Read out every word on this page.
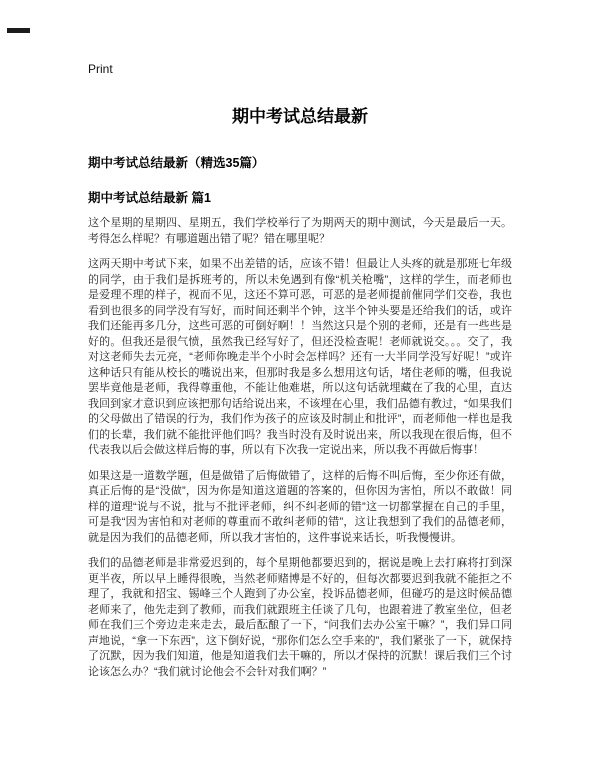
Print
期中考试总结最新
期中考试总结最新（精选35篇）
期中考试总结最新 篇1

这个星期的星期四、星期五，我们学校举行了为期两天的期中测试，今天是最后一天。考得怎么样呢？有哪道题出错了呢？错在哪里呢？

这两天期中考试下来，如果不出差错的话，应该不错！但最让人头疼的就是那班七年级的同学，由于我们是拆班考的，所以未免遇到有像“机关枪嘴”，这样的学生，而老师也是爱理不理的样子，视而不见，这还不算可恶，可恶的是老师提前催同学们交卷，我也看到也很多的同学没有写好，而时间还剩半个钟，这半个钟头要是还给我们的话，或许我们还能再多几分，这些可恶的可倒好啊！！当然这只是个别的老师，还是有一些些是好的。但我还是很气愤，虽然我已经写好了，但还没检查呢！老师就说交。。。交了，我对这老师失去元亮，“老师你晚走半个小时会怎样吗？还有一大半同学没写好呢！”或许这种话只有能从校长的嘴说出来，但那时我是多么想用这句话，堵住老师的嘴，但我说罢毕竟他是老师，我得尊重他，不能让他难堪，所以这句话就埋藏在了我的心里，直达我回到家才意识到应该把那句话给说出来，不该埋在心里，我们品德有教过，“如果我们的父母做出了错误的行为，我们作为孩子的应该及时制止和批评”，而老师他一样也是我们的长辈，我们就不能批评他们吗？我当时没有及时说出来，所以我现在很后悔，但不代表我以后会做这样后悔的事，所以有下次我一定说出来，所以我不再做后悔事！

如果这是一道数学题，但是做错了后悔做错了，这样的后悔不叫后悔，至少你还有做，真正后悔的是“没做”，因为你是知道这道题的答案的，但你因为害怕，所以不敢做！同样的道理“说与不说，批与不批评老师，纠不纠老师的错”这一切都掌握在自己的手里，可是我“因为害怕和对老师的尊重而不敢纠老师的错”，这让我想到了我们的品德老师，就是因为我们的品德老师，所以我才害怕的，这件事说来话长，听我慢慢讲。

我们的品德老师是非常爱迟到的，每个星期他都要迟到的，据说是晚上去打麻将打到深更半夜，所以早上睡得很晚，当然老师赌博是不好的，但每次都要迟到我就不能拒之不理了，我就和招宝、锡峰三个人跑到了办公室，投诉品德老师，但碰巧的是这时候品德老师来了，他先走到了教师，而我们就跟班主任谈了几句，也跟着进了教室坐位，但老师在我们三个旁边走来走去，最后酝酿了一下，“问我们去办公室干嘛？”，我们异口同声地说，“拿一下东西”，这下倒好说，“那你们怎么空手来的”，我们紧张了一下，就保持了沉默，因为我们知道，他是知道我们去干嘛的，所以才保持的沉默！课后我们三个讨论该怎么办？“我们就讨论他会不会针对我们啊？”
